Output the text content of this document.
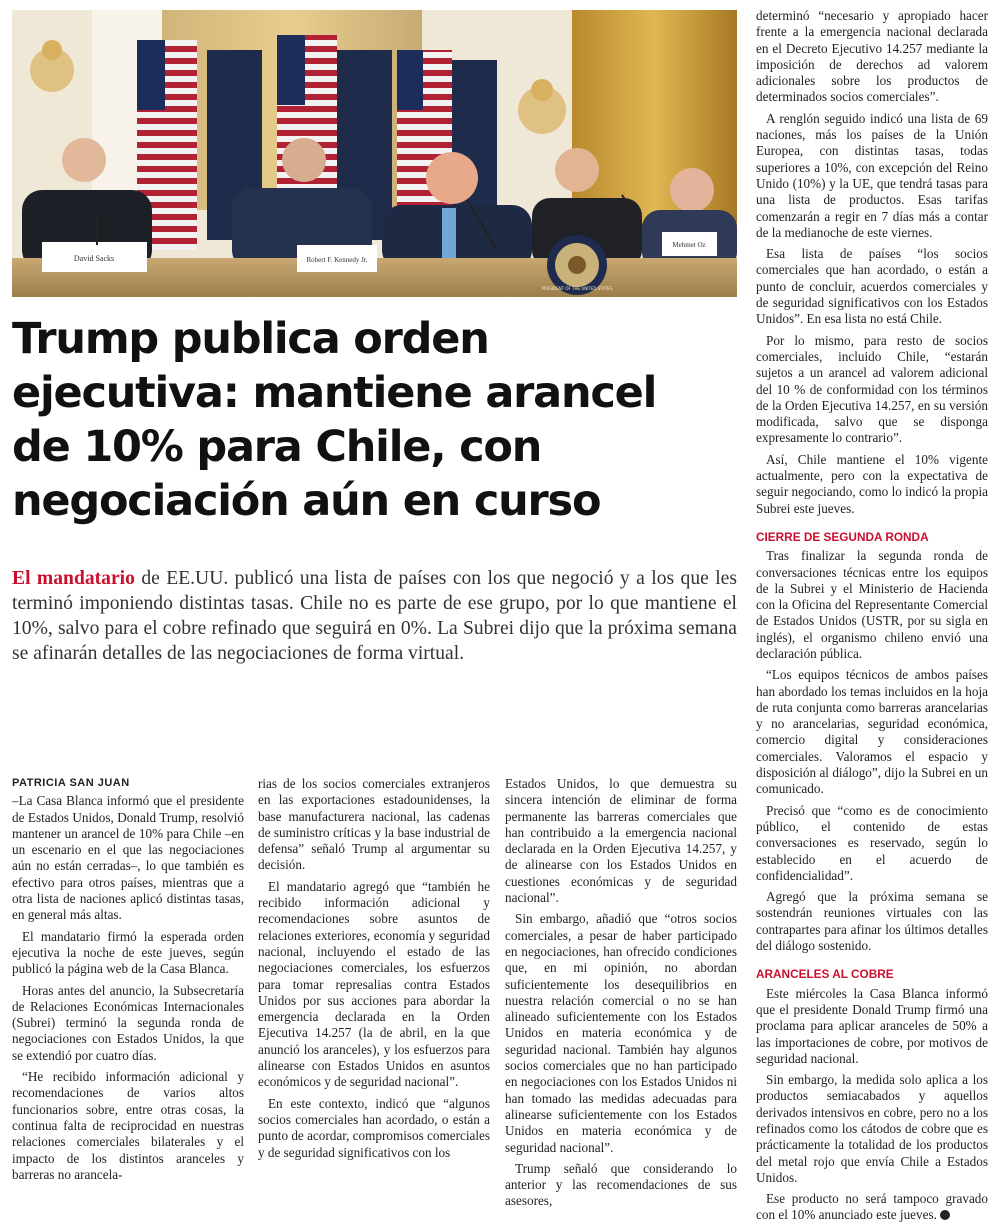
David Sacks	Robert F. Kennedy Jr.
Mehmet Oz
PRESIDENT OF THE UNITED STATES
Trump publica orden
ejecutiva: mantiene arancel
de 10% para Chile, con
negociación aún en curso
El mandatario de EE.UU. publicó una lista de países con los que negoció y a los que les terminó imponiendo distintas tasas. Chile no es parte de ese grupo, por lo que mantiene el 10%, salvo para el cobre refinado que seguirá en 0%. La Subrei dijo que la próxima semana se afinarán detalles de las negociaciones de forma virtual.
PATRICIA SAN JUAN

–La Casa Blanca informó que el presidente de Estados Unidos, Donald Trump, resolvió mantener un arancel de 10% para Chile –en un escenario en el que las negociaciones aún no están cerradas–, lo que también es efectivo para otros países, mientras que a otra lista de naciones aplicó distintas tasas, en general más altas.

El mandatario firmó la esperada orden ejecutiva la noche de este jueves, según publicó la página web de la Casa Blanca.

Horas antes del anuncio, la Subsecretaría de Relaciones Económicas Internacionales (Subrei) terminó la segunda ronda de negociaciones con Estados Unidos, la que se extendió por cuatro días.

“He recibido información adicional y recomendaciones de varios altos funcionarios sobre, entre otras cosas, la continua falta de reciprocidad en nuestras relaciones comerciales bilaterales y el impacto de los distintos aranceles y barreras no arancela-

rias de los socios comerciales extranjeros en las exportaciones estadounidenses, la base manufacturera nacional, las cadenas de suministro críticas y la base industrial de defensa” señaló Trump al argumentar su decisión.

El mandatario agregó que “también he recibido información adicional y recomendaciones sobre asuntos de relaciones exteriores, economía y seguridad nacional, incluyendo el estado de las negociaciones comerciales, los esfuerzos para tomar represalias contra Estados Unidos por sus acciones para abordar la emergencia declarada en la Orden Ejecutiva 14.257 (la de abril, en la que anunció los aranceles), y los esfuerzos para alinearse con Estados Unidos en asuntos económicos y de seguridad nacional”.

En este contexto, indicó que “algunos socios comerciales han acordado, o están a punto de acordar, compromisos comerciales y de seguridad significativos con los

Estados Unidos, lo que demuestra su sincera intención de eliminar de forma permanente las barreras comerciales que han contribuido a la emergencia nacional declarada en la Orden Ejecutiva 14.257, y de alinearse con los Estados Unidos en cuestiones económicas y de seguridad nacional”.

Sin embargo, añadió que “otros socios comerciales, a pesar de haber participado en negociaciones, han ofrecido condiciones que, en mi opinión, no abordan suficientemente los desequilibrios en nuestra relación comercial o no se han alineado suficientemente con los Estados Unidos en materia económica y de seguridad nacional. También hay algunos socios comerciales que no han participado en negociaciones con los Estados Unidos ni han tomado las medidas adecuadas para alinearse suficientemente con los Estados Unidos en materia económica y de seguridad nacional”.

Trump señaló que considerando lo anterior y las recomendaciones de sus asesores,

determinó “necesario y apropiado hacer frente a la emergencia nacional declarada en el Decreto Ejecutivo 14.257 mediante la imposición de derechos ad valorem adicionales sobre los productos de determinados socios comerciales”.

A renglón seguido indicó una lista de 69 naciones, más los países de la Unión Europea, con distintas tasas, todas superiores a 10%, con excepción del Reino Unido (10%) y la UE, que tendrá tasas para una lista de productos. Esas tarifas comenzarán a regir en 7 días más a contar de la medianoche de este viernes.

Esa lista de países “los socios comerciales que han acordado, o están a punto de concluir, acuerdos comerciales y de seguridad significativos con los Estados Unidos”. En esa lista no está Chile.

Por lo mismo, para resto de socios comerciales, incluido Chile, “estarán sujetos a un arancel ad valorem adicional del 10 % de conformidad con los términos de la Orden Ejecutiva 14.257, en su versión modificada, salvo que se disponga expresamente lo contrario”.

Así, Chile mantiene el 10% vigente actualmente, pero con la expectativa de seguir negociando, como lo indicó la propia Subrei este jueves.

CIERRE DE SEGUNDA RONDA

Tras finalizar la segunda ronda de conversaciones técnicas entre los equipos de la Subrei y el Ministerio de Hacienda con la Oficina del Representante Comercial de Estados Unidos (USTR, por su sigla en inglés), el organismo chileno envió una declaración pública.

“Los equipos técnicos de ambos países han abordado los temas incluidos en la hoja de ruta conjunta como barreras arancelarias y no arancelarias, seguridad económica, comercio digital y consideraciones comerciales. Valoramos el espacio y disposición al diálogo”, dijo la Subrei en un comunicado.

Precisó que “como es de conocimiento público, el contenido de estas conversaciones es reservado, según lo establecido en el acuerdo de confidencialidad”.

Agregó que la próxima semana se sostendrán reuniones virtuales con las contrapartes para afinar los últimos detalles del diálogo sostenido.

ARANCELES AL COBRE

Este miércoles la Casa Blanca informó que el presidente Donald Trump firmó una proclama para aplicar aranceles de 50% a las importaciones de cobre, por motivos de seguridad nacional.

Sin embargo, la medida solo aplica a los productos semiacabados y aquellos derivados intensivos en cobre, pero no a los refinados como los cátodos de cobre que es prácticamente la totalidad de los productos del metal rojo que envía Chile a Estados Unidos.

Ese producto no será tampoco gravado con el 10% anunciado este jueves.
